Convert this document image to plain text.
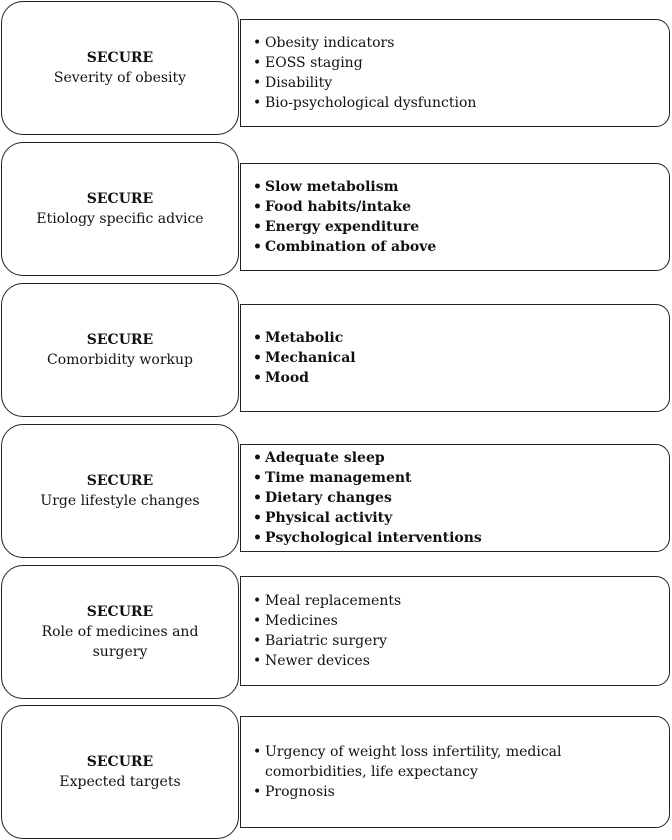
SECURE
Severity of obesity
• Obesity indicators
• EOSS staging
• Disability
• Bio-psychological dysfunction
SECURE
Etiology specific advice
• Slow metabolism
• Food habits/intake
• Energy expenditure
• Combination of above
SECURE
Comorbidity workup
• Metabolic
• Mechanical
• Mood
SECURE
Urge lifestyle changes
• Adequate sleep
• Time management
• Dietary changes
• Physical activity
• Psychological interventions
SECURE
Role of medicines and surgery
• Meal replacements
• Medicines
• Bariatric surgery
• Newer devices
SECURE
Expected targets
• Urgency of weight loss infertility, medical comorbidities, life expectancy
• Prognosis
